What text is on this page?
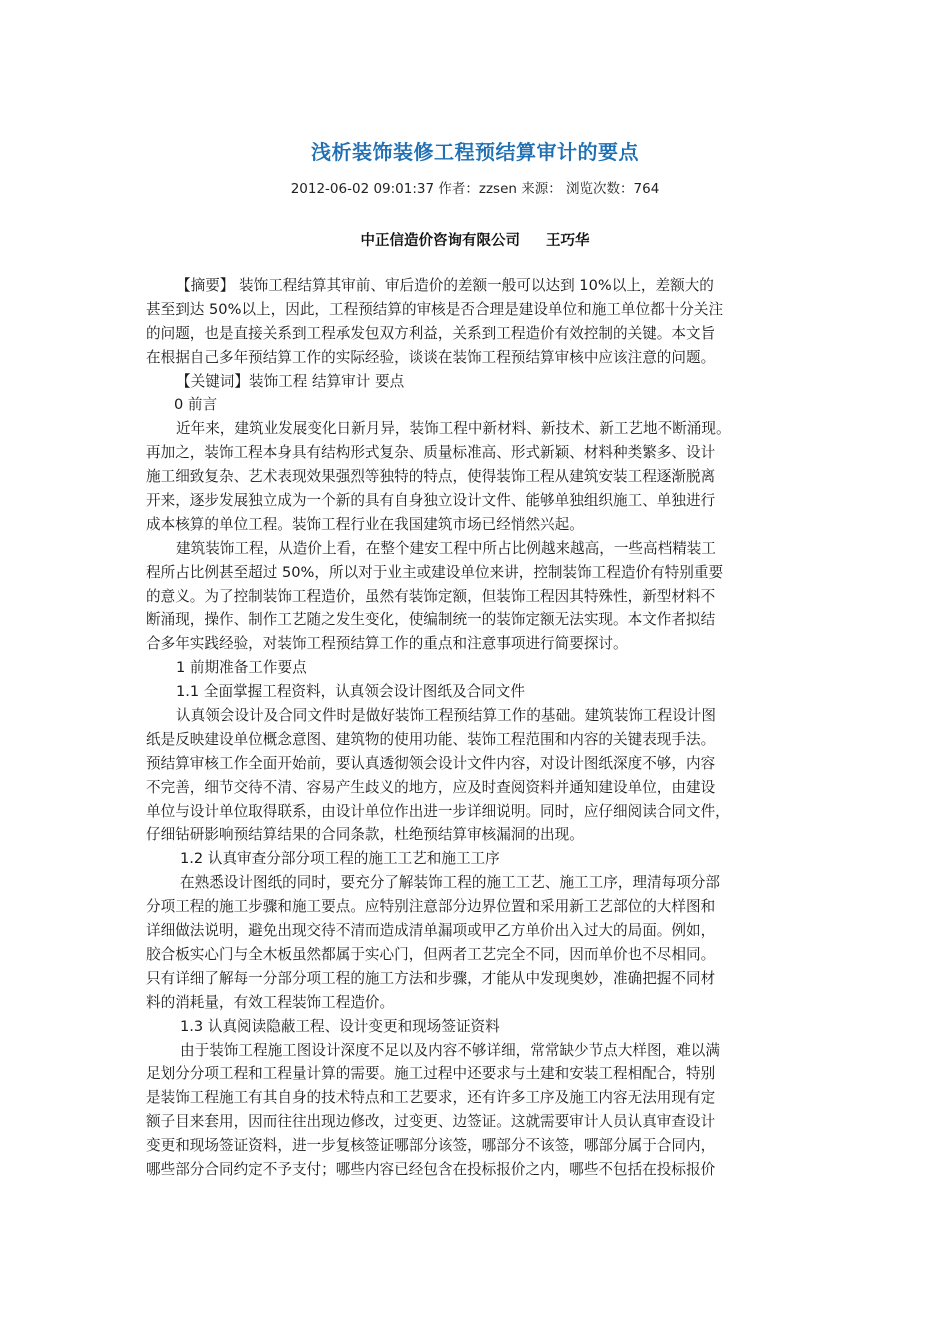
浅析装饰装修工程预结算审计的要点
2012-06-02 09:01:37 作者：zzsen 来源： 浏览次数：764
中正信造价咨询有限公司 王巧华
【摘要】 装饰工程结算其审前、审后造价的差额一般可以达到 10%以上，差额大的
甚至到达 50%以上，因此，工程预结算的审核是否合理是建设单位和施工单位都十分关注
的问题，也是直接关系到工程承发包双方利益，关系到工程造价有效控制的关键。本文旨
在根据自己多年预结算工作的实际经验，谈谈在装饰工程预结算审核中应该注意的问题。
【关键词】装饰工程 结算审计 要点
0 前言
近年来，建筑业发展变化日新月异，装饰工程中新材料、新技术、新工艺地不断涌现。
再加之，装饰工程本身具有结构形式复杂、质量标准高、形式新颖、材料种类繁多、设计
施工细致复杂、艺术表现效果强烈等独特的特点，使得装饰工程从建筑安装工程逐渐脱离
开来，逐步发展独立成为一个新的具有自身独立设计文件、能够单独组织施工、单独进行
成本核算的单位工程。装饰工程行业在我国建筑市场已经悄然兴起。
建筑装饰工程，从造价上看，在整个建安工程中所占比例越来越高，一些高档精装工
程所占比例甚至超过 50%，所以对于业主或建设单位来讲，控制装饰工程造价有特别重要
的意义。为了控制装饰工程造价，虽然有装饰定额，但装饰工程因其特殊性，新型材料不
断涌现，操作、制作工艺随之发生变化，使编制统一的装饰定额无法实现。本文作者拟结
合多年实践经验，对装饰工程预结算工作的重点和注意事项进行简要探讨。
1 前期准备工作要点
1.1 全面掌握工程资料，认真领会设计图纸及合同文件
认真领会设计及合同文件时是做好装饰工程预结算工作的基础。建筑装饰工程设计图
纸是反映建设单位概念意图、建筑物的使用功能、装饰工程范围和内容的关键表现手法。
预结算审核工作全面开始前，要认真透彻领会设计文件内容，对设计图纸深度不够，内容
不完善，细节交待不清、容易产生歧义的地方，应及时查阅资料并通知建设单位，由建设
单位与设计单位取得联系，由设计单位作出进一步详细说明。同时，应仔细阅读合同文件，
仔细钻研影响预结算结果的合同条款，杜绝预结算审核漏洞的出现。
1.2 认真审查分部分项工程的施工工艺和施工工序
在熟悉设计图纸的同时，要充分了解装饰工程的施工工艺、施工工序，理清每项分部
分项工程的施工步骤和施工要点。应特别注意部分边界位置和采用新工艺部位的大样图和
详细做法说明，避免出现交待不清而造成清单漏项或甲乙方单价出入过大的局面。例如，
胶合板实心门与全木板虽然都属于实心门，但两者工艺完全不同，因而单价也不尽相同。
只有详细了解每一分部分项工程的施工方法和步骤，才能从中发现奥妙，准确把握不同材
料的消耗量，有效工程装饰工程造价。
1.3 认真阅读隐蔽工程、设计变更和现场签证资料
由于装饰工程施工图设计深度不足以及内容不够详细，常常缺少节点大样图，难以满
足划分分项工程和工程量计算的需要。施工过程中还要求与土建和安装工程相配合，特别
是装饰工程施工有其自身的技术特点和工艺要求，还有许多工序及施工内容无法用现有定
额子目来套用，因而往往出现边修改，过变更、边签证。这就需要审计人员认真审查设计
变更和现场签证资料，进一步复核签证哪部分该签，哪部分不该签，哪部分属于合同内，
哪些部分合同约定不予支付；哪些内容已经包含在投标报价之内，哪些不包括在投标报价
